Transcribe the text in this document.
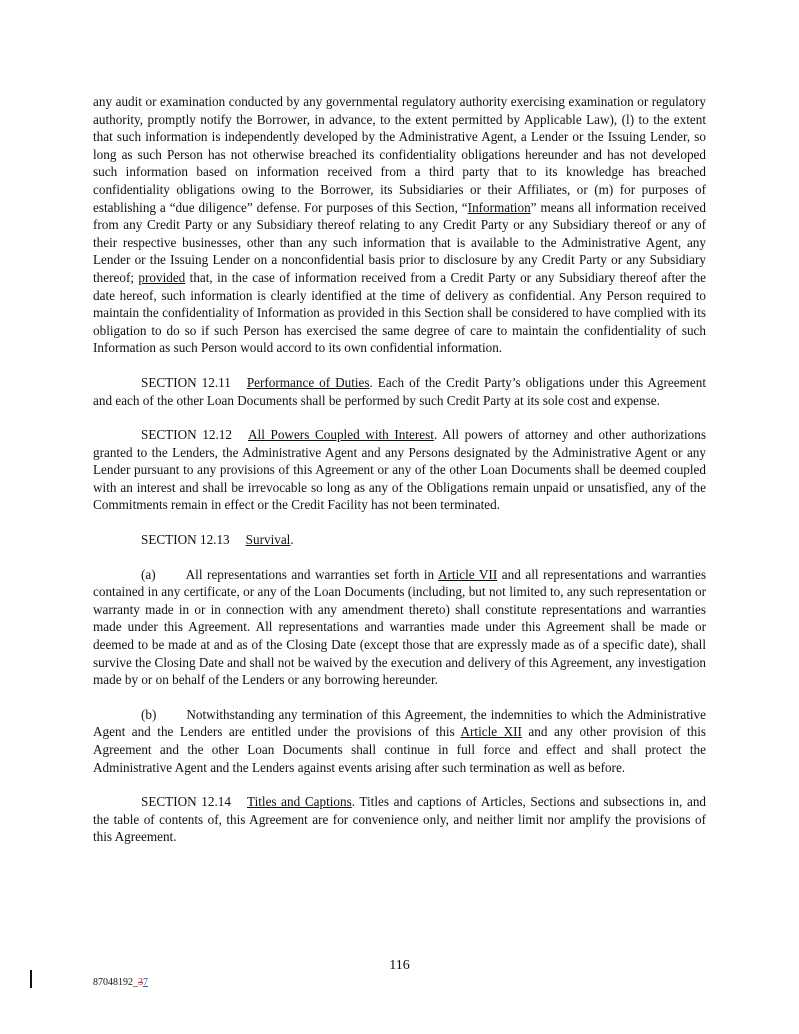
any audit or examination conducted by any governmental regulatory authority exercising examination or regulatory authority, promptly notify the Borrower, in advance, to the extent permitted by Applicable Law), (l) to the extent that such information is independently developed by the Administrative Agent, a Lender or the Issuing Lender, so long as such Person has not otherwise breached its confidentiality obligations hereunder and has not developed such information based on information received from a third party that to its knowledge has breached confidentiality obligations owing to the Borrower, its Subsidiaries or their Affiliates, or (m) for purposes of establishing a “due diligence” defense. For purposes of this Section, “Information” means all information received from any Credit Party or any Subsidiary thereof relating to any Credit Party or any Subsidiary thereof or any of their respective businesses, other than any such information that is available to the Administrative Agent, any Lender or the Issuing Lender on a nonconfidential basis prior to disclosure by any Credit Party or any Subsidiary thereof; provided that, in the case of information received from a Credit Party or any Subsidiary thereof after the date hereof, such information is clearly identified at the time of delivery as confidential. Any Person required to maintain the confidentiality of Information as provided in this Section shall be considered to have complied with its obligation to do so if such Person has exercised the same degree of care to maintain the confidentiality of such Information as such Person would accord to its own confidential information.

SECTION 12.11 Performance of Duties. Each of the Credit Party’s obligations under this Agreement and each of the other Loan Documents shall be performed by such Credit Party at its sole cost and expense.

SECTION 12.12 All Powers Coupled with Interest. All powers of attorney and other authorizations granted to the Lenders, the Administrative Agent and any Persons designated by the Administrative Agent or any Lender pursuant to any provisions of this Agreement or any of the other Loan Documents shall be deemed coupled with an interest and shall be irrevocable so long as any of the Obligations remain unpaid or unsatisfied, any of the Commitments remain in effect or the Credit Facility has not been terminated.

SECTION 12.13 Survival.

(a) All representations and warranties set forth in Article VII and all representations and warranties contained in any certificate, or any of the Loan Documents (including, but not limited to, any such representation or warranty made in or in connection with any amendment thereto) shall constitute representations and warranties made under this Agreement. All representations and warranties made under this Agreement shall be made or deemed to be made at and as of the Closing Date (except those that are expressly made as of a specific date), shall survive the Closing Date and shall not be waived by the execution and delivery of this Agreement, any investigation made by or on behalf of the Lenders or any borrowing hereunder.

(b) Notwithstanding any termination of this Agreement, the indemnities to which the Administrative Agent and the Lenders are entitled under the provisions of this Article XII and any other provision of this Agreement and the other Loan Documents shall continue in full force and effect and shall protect the Administrative Agent and the Lenders against events arising after such termination as well as before.

SECTION 12.14 Titles and Captions. Titles and captions of Articles, Sections and subsections in, and the table of contents of, this Agreement are for convenience only, and neither limit nor amplify the provisions of this Agreement.

116
87048192_37
